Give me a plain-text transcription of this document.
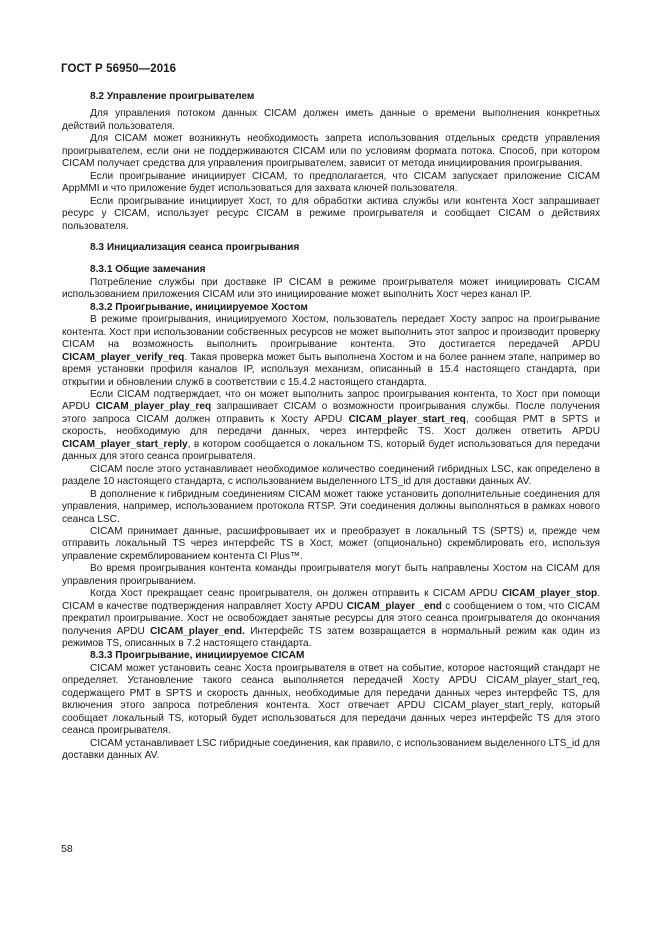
ГОСТ Р 56950—2016
8.2 Управление проигрывателем

Для управления потоком данных CICAM должен иметь данные о времени выполнения конкретных действий пользователя.

Для CICAM может возникнуть необходимость запрета использования отдельных средств управления проигрывателем, если они не поддерживаются CICAM или по условиям формата потока. Способ, при котором CICAM получает средства для управления проигрывателем, зависит от метода инициирования проигрывания.

Если проигрывание инициирует CICAM, то предполагается, что CICAM запускает приложение CICAM AppMMI и что приложение будет использоваться для захвата ключей пользователя.

Если проигрывание инициирует Хост, то для обработки актива службы или контента Хост запрашивает ресурс у CICAM, использует ресурс CICAM в режиме проигрывателя и сообщает CICAM о действиях пользователя.

8.3 Инициализация сеанса проигрывания
8.3.1 Общие замечания

Потребление службы при доставке IP CICAM в режиме проигрывателя может инициировать CICAM использованием приложения CICAM или это инициирование может выполнить Хост через канал IP.

8.3.2 Проигрывание, инициируемое Хостом

В режиме проигрывания, инициируемого Хостом, пользователь передает Хосту запрос на проигрывание контента. Хост при использовании собственных ресурсов не может выполнить этот запрос и производит проверку CICAM на возможность выполнить проигрывание контента. Это достигается передачей APDU CICAM_player_verify_req. Такая проверка может быть выполнена Хостом и на более раннем этапе, например во время установки профиля каналов IP, используя механизм, описанный в 15.4 настоящего стандарта, при открытии и обновлении служб в соответствии с 15.4.2 настоящего стандарта.

Если CICAM подтверждает, что он может выполнить запрос проигрывания контента, то Хост при помощи APDU CICAM_player_play_req запрашивает CICAM о возможности проигрывания службы. После получения этого запроса CICAM должен отправить к Хосту APDU CICAM_player_start_req, сообщая PMT в SPTS и скорость, необходимую для передачи данных, через интерфейс TS. Хост должен ответить APDU CICAM_player_start_reply, в котором сообщается о локальном TS, который будет использоваться для передачи данных для этого сеанса проигрывателя.

CICAM после этого устанавливает необходимое количество соединений гибридных LSC, как определено в разделе 10 настоящего стандарта, с использованием выделенного LTS_id для доставки данных AV.

В дополнение к гибридным соединениям CICAM может также установить дополнительные соединения для управления, например, использованием протокола RTSP. Эти соединения должны выполняться в рамках нового сеанса LSC.

CICAM принимает данные, расшифровывает их и преобразует в локальный TS (SPTS) и, прежде чем отправить локальный TS через интерфейс TS в Хост, может (опционально) скремблировать его, используя управление скремблированием контента CI Plus™.

Во время проигрывания контента команды проигрывателя могут быть направлены Хостом на CICAM для управления проигрыванием.

Когда Хост прекращает сеанс проигрывателя, он должен отправить к CICAM APDU CICAM_player_stop. CICAM в качестве подтверждения направляет Хосту APDU CICAM_player _end с сообщением о том, что CICAM прекратил проигрывание. Хост не освобождает занятые ресурсы для этого сеанса проигрывателя до окончания получения APDU CICAM_player_end. Интерфейс TS затем возвращается в нормальный режим как один из режимов TS, описанных в 7.2 настоящего стандарта.

8.3.3 Проигрывание, инициируемое CICAM

CICAM может установить сеанс Хоста проигрывателя в ответ на событие, которое настоящий стандарт не определяет. Установление такого сеанса выполняется передачей Хосту APDU CICAM_player_start_req, содержащего PMT в SPTS и скорость данных, необходимые для передачи данных через интерфейс TS, для включения этого запроса потребления контента. Хост отвечает APDU CICAM_player_start_reply, который сообщает локальный TS, который будет использоваться для передачи данных через интерфейс TS для этого сеанса проигрывателя.

CICAM устанавливает LSC гибридные соединения, как правило, с использованием выделенного LTS_id для доставки данных AV.

58
